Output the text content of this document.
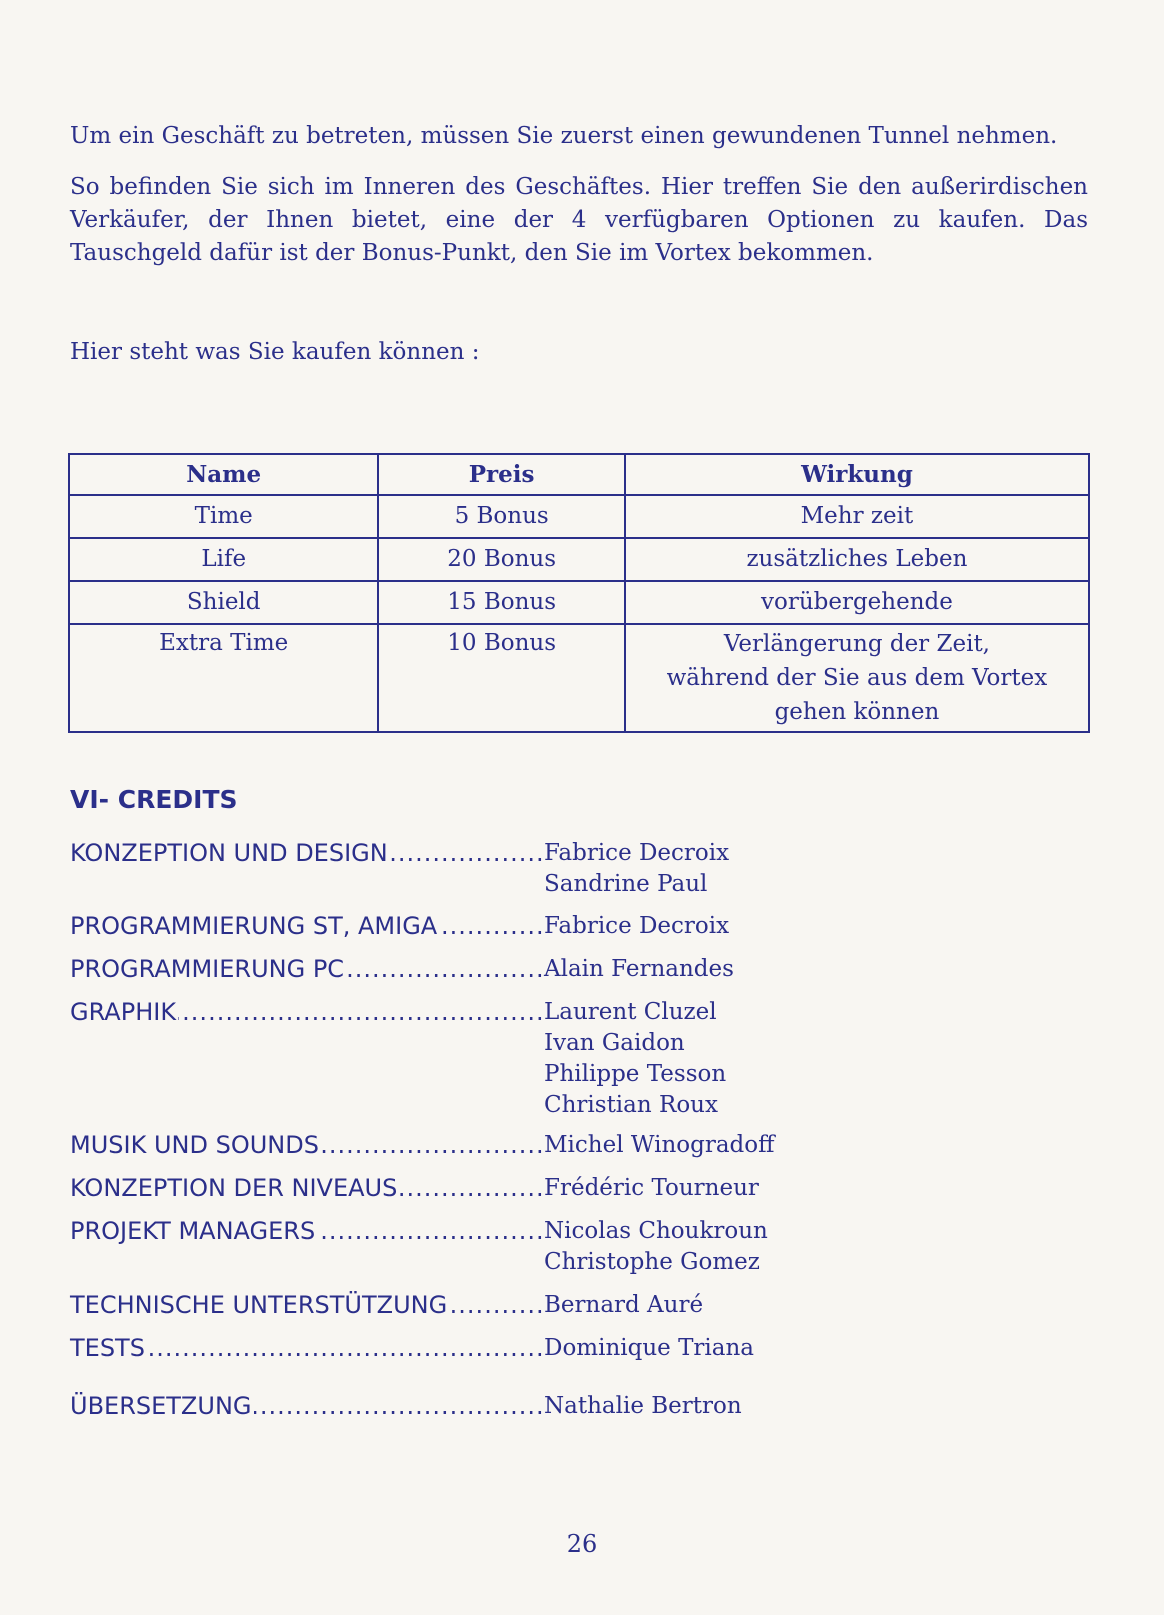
Um ein Geschäft zu betreten, müssen Sie zuerst einen gewundenen Tunnel nehmen.

So befinden Sie sich im Inneren des Geschäftes. Hier treffen Sie den außerirdischen Verkäufer, der Ihnen bietet, eine der 4 verfügbaren Optionen zu kaufen. Das Tauschgeld dafür ist der Bonus-Punkt, den Sie im Vortex bekommen.

Hier steht was Sie kaufen können :

Name	Preis	Wirkung
Time	5 Bonus	Mehr zeit
Life	20 Bonus	zusätzliches Leben
Shield	15 Bonus	vorübergehende
Extra Time	10 Bonus	Verlängerung der Zeit,
während der Sie aus dem Vortex
gehen können
VI- CREDITS
.....
KONZEPTION UND DESIGN	Fabrice Decroix
Sandrine Paul
.....
PROGRAMMIERUNG ST, AMIGA	Fabrice Decroix
.....
PROGRAMMIERUNG PC	Alain Fernandes
.....
GRAPHIK	Laurent Cluzel
Ivan Gaidon
Philippe Tesson
Christian Roux
.....
MUSIK UND SOUNDS	Michel Winogradoff
.....
KONZEPTION DER NIVEAUS	Frédéric Tourneur
.....
PROJEKT MANAGERS	Nicolas Choukroun
Christophe Gomez
.....
TECHNISCHE UNTERSTÜTZUNG	Bernard Auré
.....
TESTS	Dominique Triana
.....
ÜBERSETZUNG	Nathalie Bertron
26
